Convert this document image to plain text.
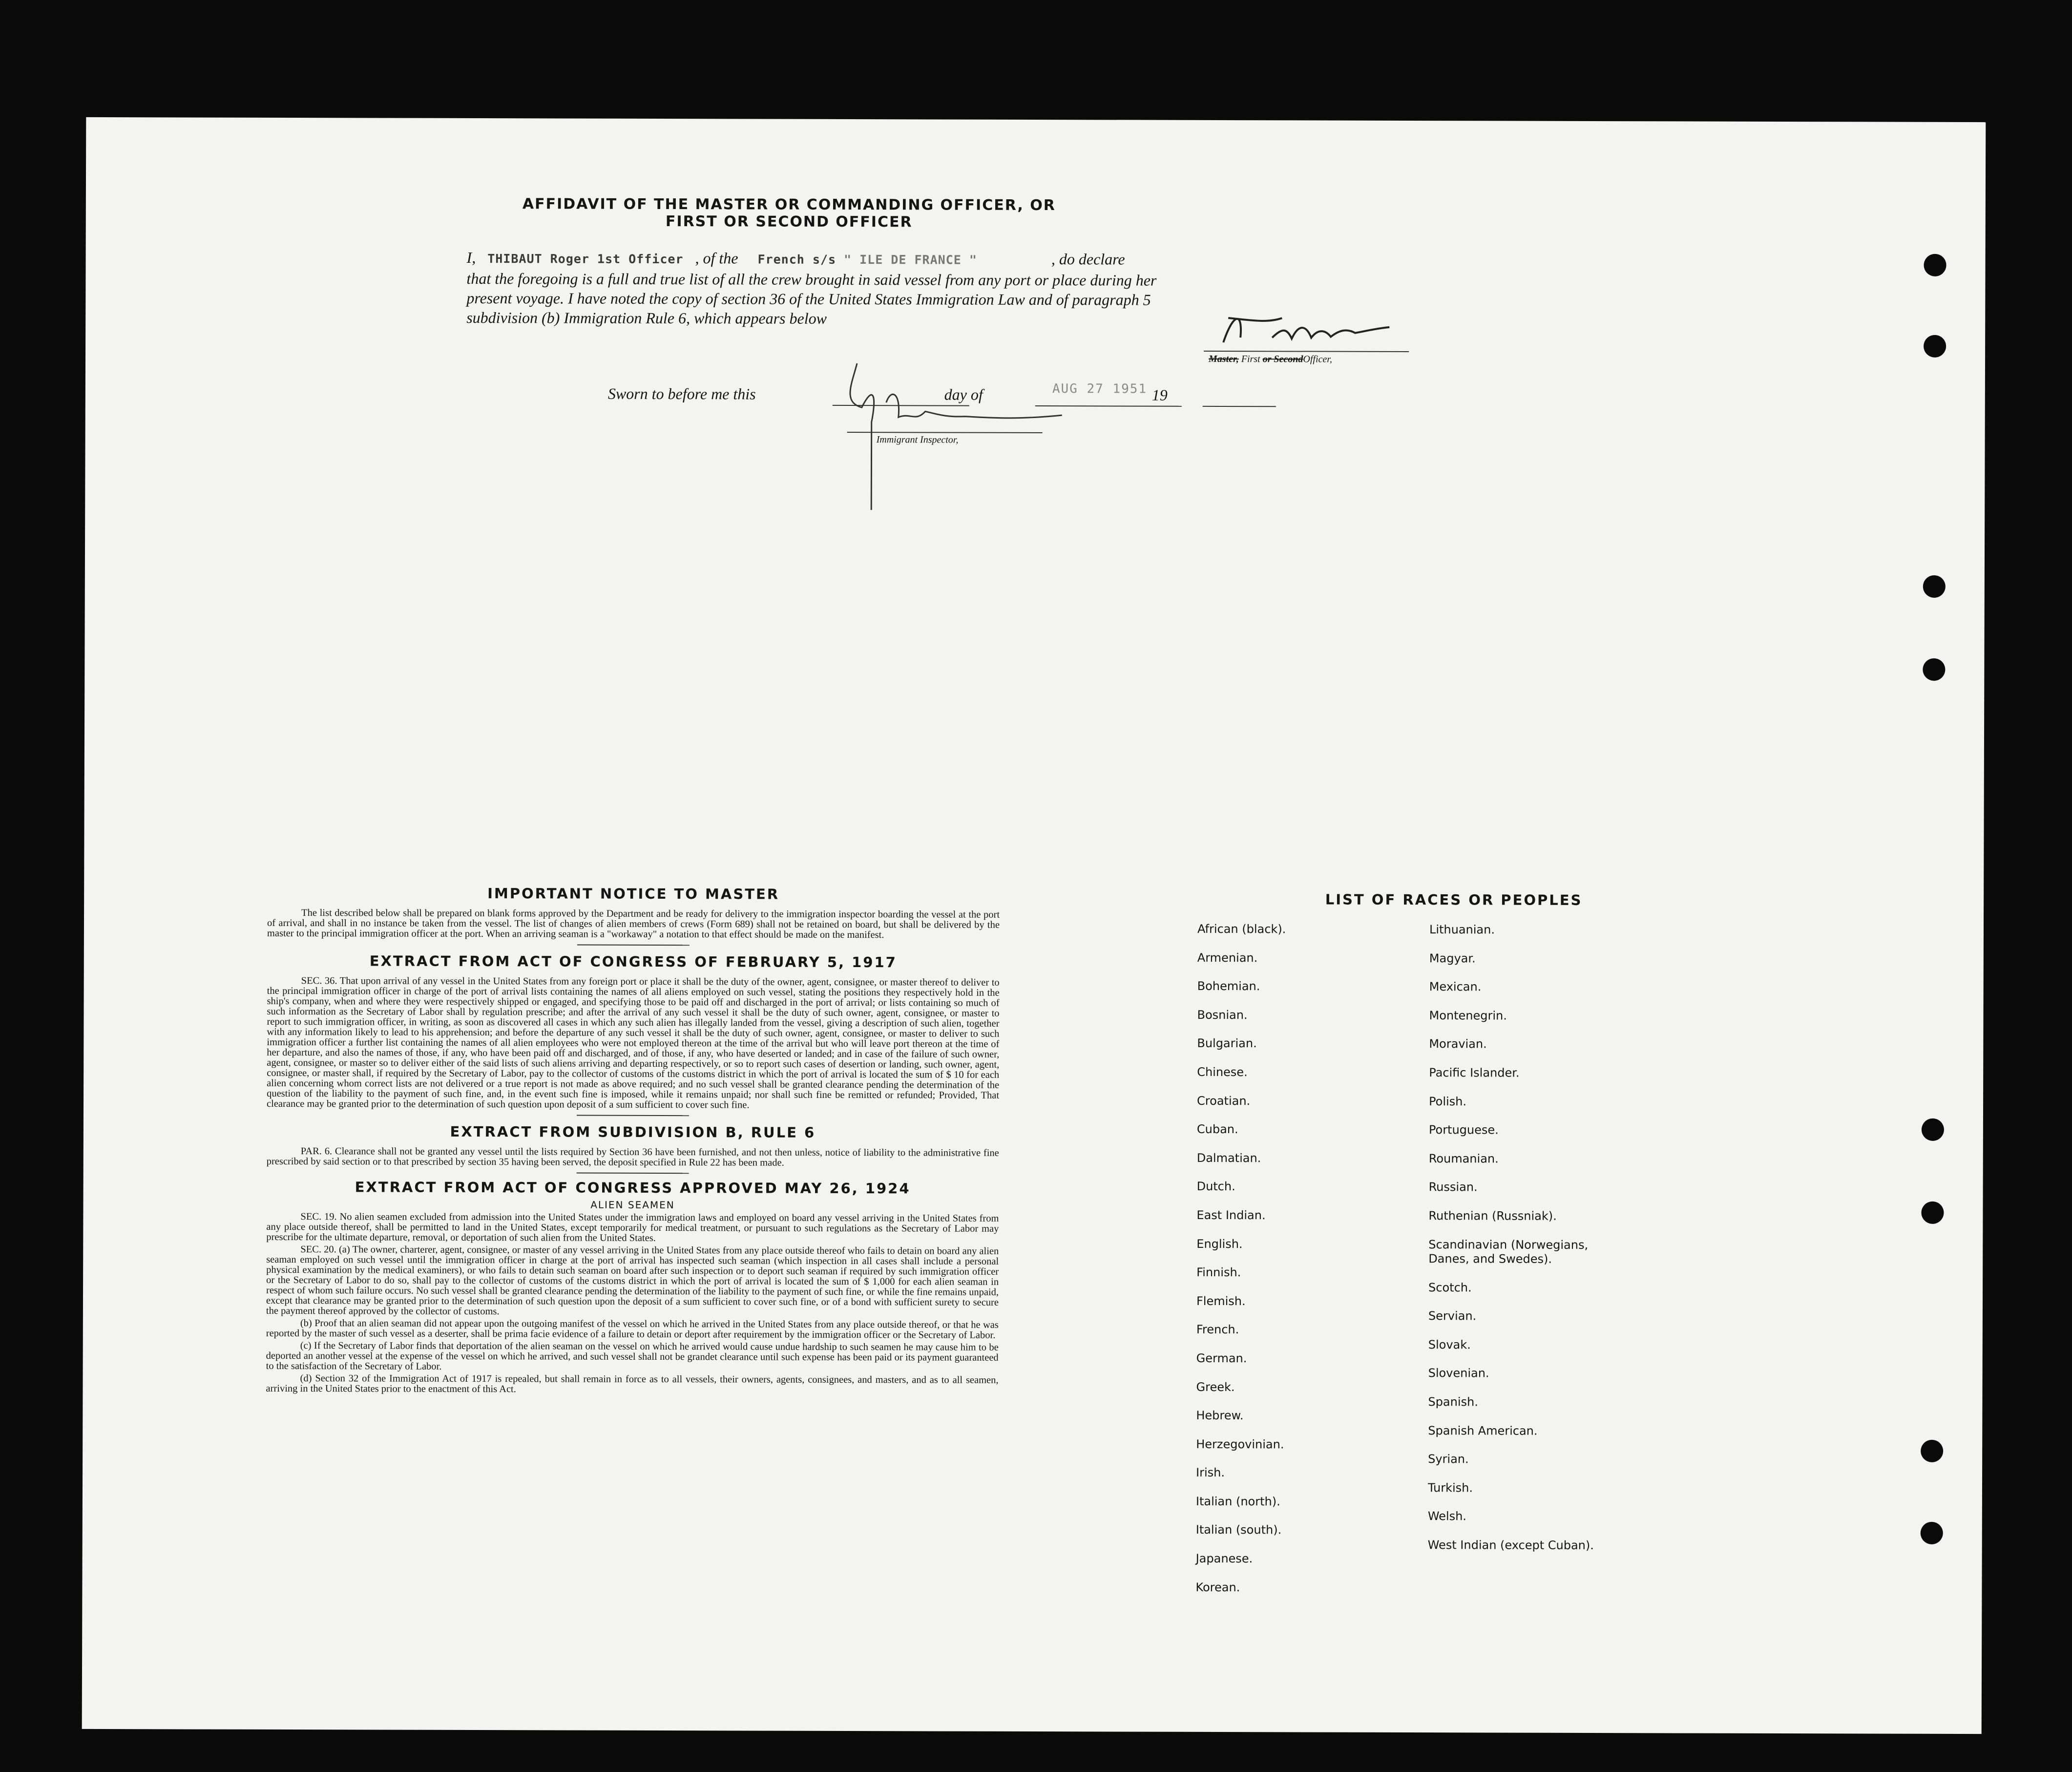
AFFIDAVIT OF THE MASTER OR COMMANDING OFFICER, OR FIRST OR SECOND OFFICER
I, THIBAUT Roger 1st Officer , of the French s/s " ILE DE FRANCE "	, do declare
that the foregoing is a full and true list of all the crew brought in said vessel from any port or place during her
present voyage. I have noted the copy of section 36 of the United States Immigration Law and of paragraph 5
subdivision (b) Immigration Rule 6, which appears below
Master, First or SecondOfficer,
Sworn to before me this	day of	19
AUG 27 1951
Immigrant Inspector,
IMPORTANT NOTICE TO MASTER

The list described below shall be prepared on blank forms approved by the Department and be ready for delivery to the immigration inspector boarding the vessel at the port of arrival, and shall in no instance be taken from the vessel. The list of changes of alien members of crews (Form 689) shall not be retained on board, but shall be delivered by the master to the principal immigration officer at the port. When an arriving seaman is a "workaway" a notation to that effect should be made on the manifest.

EXTRACT FROM ACT OF CONGRESS OF FEBRUARY 5, 1917

SEC. 36. That upon arrival of any vessel in the United States from any foreign port or place it shall be the duty of the owner, agent, consignee, or master thereof to deliver to the principal immigration officer in charge of the port of arrival lists containing the names of all aliens employed on such vessel, stating the positions they respectively hold in the ship's company, when and where they were respectively shipped or engaged, and specifying those to be paid off and discharged in the port of arrival; or lists containing so much of such information as the Secretary of Labor shall by regulation prescribe; and after the arrival of any such vessel it shall be the duty of such owner, agent, consignee, or master to report to such immigration officer, in writing, as soon as discovered all cases in which any such alien has illegally landed from the vessel, giving a description of such alien, together with any information likely to lead to his apprehension; and before the departure of any such vessel it shall be the duty of such owner, agent, consignee, or master to deliver to such immigration officer a further list containing the names of all alien employees who were not employed thereon at the time of the arrival but who will leave port thereon at the time of her departure, and also the names of those, if any, who have been paid off and discharged, and of those, if any, who have deserted or landed; and in case of the failure of such owner, agent, consignee, or master so to deliver either of the said lists of such aliens arriving and departing respectively, or so to report such cases of desertion or landing, such owner, agent, consignee, or master shall, if required by the Secretary of Labor, pay to the collector of customs of the customs district in which the port of arrival is located the sum of $ 10 for each alien concerning whom correct lists are not delivered or a true report is not made as above required; and no such vessel shall be granted clearance pending the determination of the question of the liability to the payment of such fine, and, in the event such fine is imposed, while it remains unpaid; nor shall such fine be remitted or refunded; Provided, That clearance may be granted prior to the determination of such question upon deposit of a sum sufficient to cover such fine.

EXTRACT FROM SUBDIVISION B, RULE 6

PAR. 6. Clearance shall not be granted any vessel until the lists required by Section 36 have been furnished, and not then unless, notice of liability to the administrative fine prescribed by said section or to that prescribed by section 35 having been served, the deposit specified in Rule 22 has been made.

EXTRACT FROM ACT OF CONGRESS APPROVED MAY 26, 1924
ALIEN SEAMEN

SEC. 19. No alien seamen excluded from admission into the United States under the immigration laws and employed on board any vessel arriving in the United States from any place outside thereof, shall be permitted to land in the United States, except temporarily for medical treatment, or pursuant to such regulations as the Secretary of Labor may prescribe for the ultimate departure, removal, or deportation of such alien from the United States.

SEC. 20. (a) The owner, charterer, agent, consignee, or master of any vessel arriving in the United States from any place outside thereof who fails to detain on board any alien seaman employed on such vessel until the immigration officer in charge at the port of arrival has inspected such seaman (which inspection in all cases shall include a personal physical examination by the medical examiners), or who fails to detain such seaman on board after such inspection or to deport such seaman if required by such immigration officer or the Secretary of Labor to do so, shall pay to the collector of customs of the customs district in which the port of arrival is located the sum of $ 1,000 for each alien seaman in respect of whom such failure occurs. No such vessel shall be granted clearance pending the determination of the liability to the payment of such fine, or while the fine remains unpaid, except that clearance may be granted prior to the determination of such question upon the deposit of a sum sufficient to cover such fine, or of a bond with sufficient surety to secure the payment thereof approved by the collector of customs.

(b) Proof that an alien seaman did not appear upon the outgoing manifest of the vessel on which he arrived in the United States from any place outside thereof, or that he was reported by the master of such vessel as a deserter, shall be prima facie evidence of a failure to detain or deport after requirement by the immigration officer or the Secretary of Labor.

(c) If the Secretary of Labor finds that deportation of the alien seaman on the vessel on which he arrived would cause undue hardship to such seamen he may cause him to be deported an another vessel at the expense of the vessel on which he arrived, and such vessel shall not be grandet clearance until such expense has been paid or its payment guaranteed to the satisfaction of the Secretary of Labor.

(d) Section 32 of the Immigration Act of 1917 is repealed, but shall remain in force as to all vessels, their owners, agents, consignees, and masters, and as to all seamen, arriving in the United States prior to the enactment of this Act.

LIST OF RACES OR PEOPLES
African (black).
Armenian.
Bohemian.
Bosnian.
Bulgarian.
Chinese.
Croatian.
Cuban.
Dalmatian.
Dutch.
East Indian.
English.
Finnish.
Flemish.
French.
German.
Greek.
Hebrew.
Herzegovinian.
Irish.
Italian (north).
Italian (south).
Japanese.
Korean.
Lithuanian.
Magyar.
Mexican.
Montenegrin.
Moravian.
Pacific Islander.
Polish.
Portuguese.
Roumanian.
Russian.
Ruthenian (Russniak).
Scandinavian (Norwegians, Danes, and Swedes).
Scotch.
Servian.
Slovak.
Slovenian.
Spanish.
Spanish American.
Syrian.
Turkish.
Welsh.
West Indian (except Cuban).
